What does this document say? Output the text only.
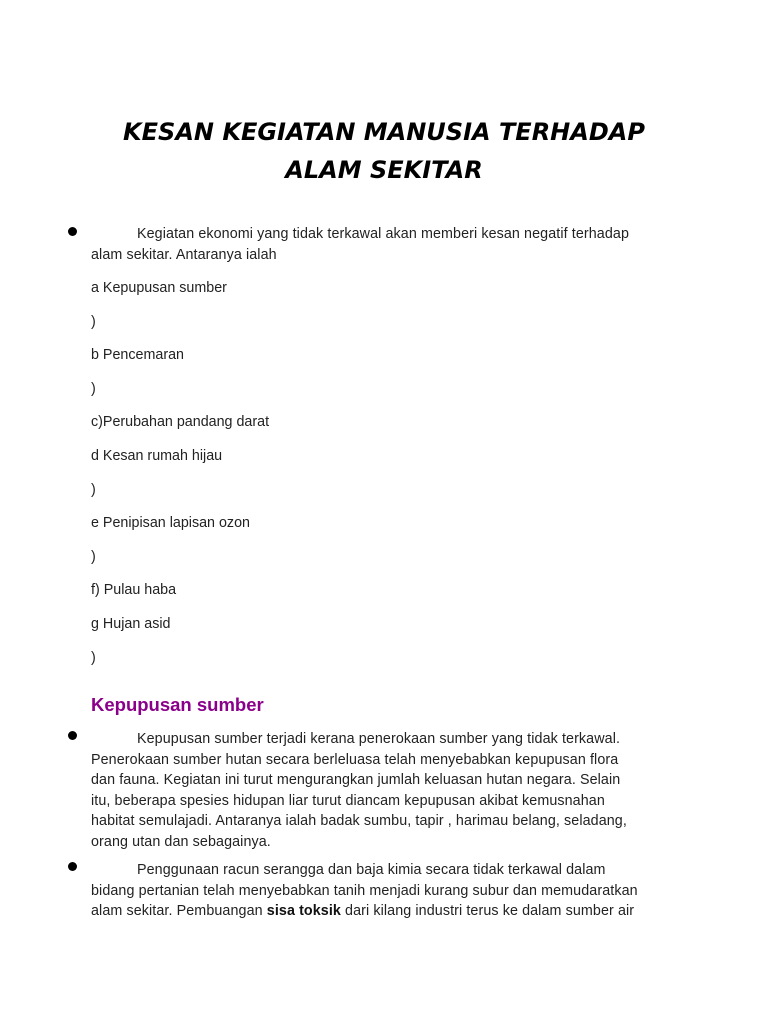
KESAN KEGIATAN MANUSIA TERHADAP
ALAM SEKITAR
Kegiatan ekonomi yang tidak terkawal akan memberi kesan negatif terhadap
alam sekitar. Antaranya ialah
a Kepupusan sumber
)
b Pencemaran
)
c)Perubahan pandang darat
d Kesan rumah hijau
)
e Penipisan lapisan ozon
)
f) Pulau haba
g Hujan asid
)
Kepupusan sumber
Kepupusan sumber terjadi kerana penerokaan sumber yang tidak terkawal.
Penerokaan sumber hutan secara berleluasa telah menyebabkan kepupusan flora
dan fauna. Kegiatan ini turut mengurangkan jumlah keluasan hutan negara. Selain
itu, beberapa spesies hidupan liar turut diancam kepupusan akibat kemusnahan
habitat semulajadi. Antaranya ialah badak sumbu, tapir , harimau belang, seladang,
orang utan dan sebagainya.
Penggunaan racun serangga dan baja kimia secara tidak terkawal dalam
bidang pertanian telah menyebabkan tanih menjadi kurang subur dan memudaratkan
alam sekitar. Pembuangan sisa toksik dari kilang industri terus ke dalam sumber air
